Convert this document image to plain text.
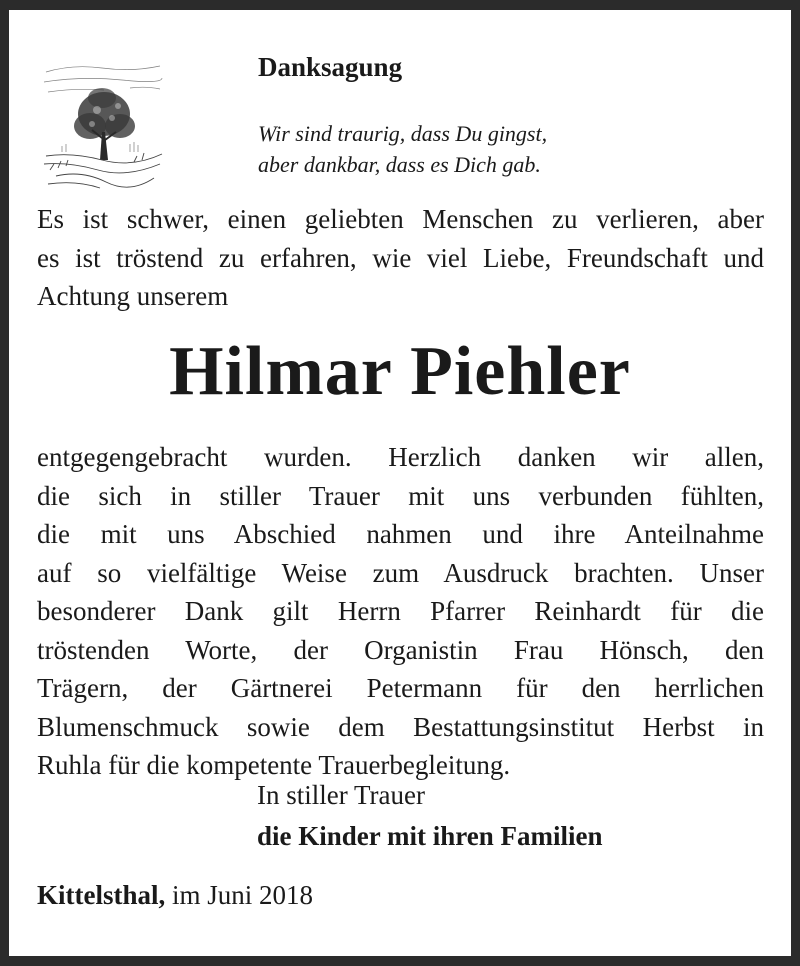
Danksagung

Wir sind traurig, dass Du gingst,
aber dankbar, dass es Dich gab.

Es ist schwer, einen geliebten Menschen zu verlieren, aber
es ist tröstend zu erfahren, wie viel Liebe, Freundschaft und
Achtung unserem

Hilmar Piehler

entgegengebracht wurden. Herzlich danken wir allen,
die sich in stiller Trauer mit uns verbunden fühlten,
die mit uns Abschied nahmen und ihre Anteilnahme
auf so vielfältige Weise zum Ausdruck brachten. Unser
besonderer Dank gilt Herrn Pfarrer Reinhardt für die
tröstenden Worte, der Organistin Frau Hönsch, den
Trägern, der Gärtnerei Petermann für den herrlichen
Blumenschmuck sowie dem Bestattungsinstitut Herbst in
Ruhla für die kompetente Trauerbegleitung.

In stiller Trauer

die Kinder mit ihren Familien

Kittelsthal, im Juni 2018
